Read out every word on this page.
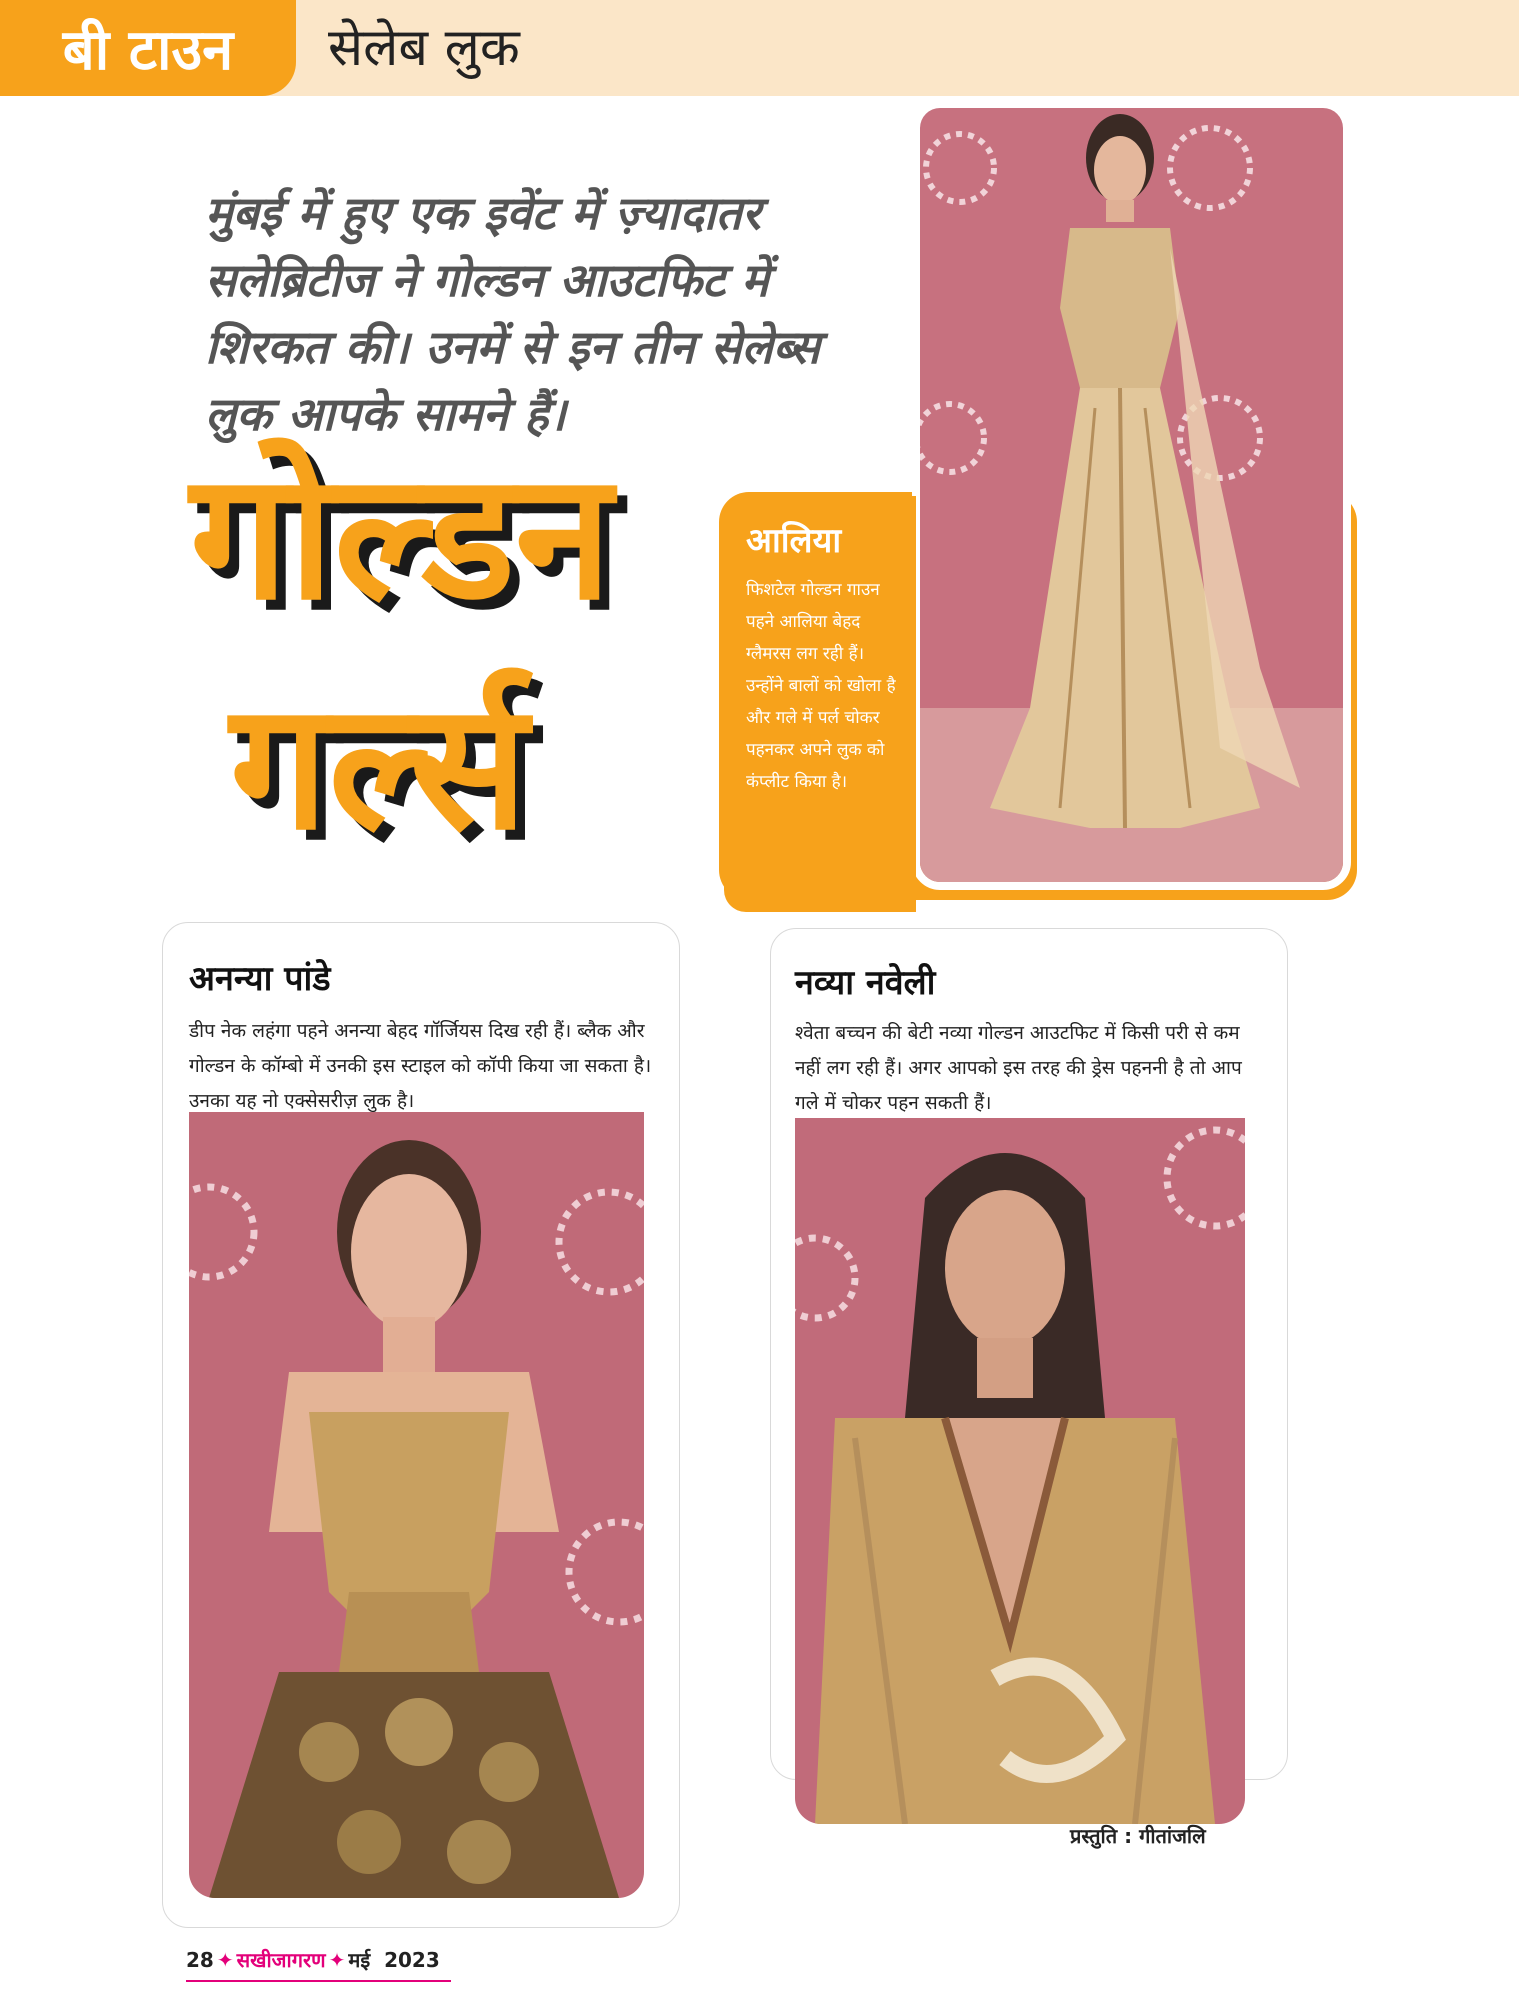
बी टाउन सेलेब लुक
मुंबई में हुए एक इवेंट में ज़्यादातर सलेब्रिटीज ने गोल्डन आउटफिट में शिरकत की। उनमें से इन तीन सेलेब्स लुक आपके सामने हैं।
गोल्डन
गर्ल्स
आलिया
फिशटेल गोल्डन गाउन पहने आलिया बेहद ग्लैमरस लग रही हैं। उन्होंने बालों को खोला है और गले में पर्ल चोकर पहनकर अपने लुक को कंप्लीट किया है।
अनन्या पांडे
डीप नेक लहंगा पहने अनन्या बेहद गॉर्जियस दिख रही हैं। ब्लैक और गोल्डन के कॉम्बो में उनकी इस स्टाइल को कॉपी किया जा सकता है। उनका यह नो एक्सेसरीज़ लुक है।
नव्या नवेली
श्वेता बच्चन की बेटी नव्या गोल्डन आउटफिट में किसी परी से कम नहीं लग रही हैं। अगर आपको इस तरह की ड्रेस पहननी है तो आप गले में चोकर पहन सकती हैं।
प्रस्तुति : गीतांजलि
28 ✦ सखीजागरण ✦ मई 2023
